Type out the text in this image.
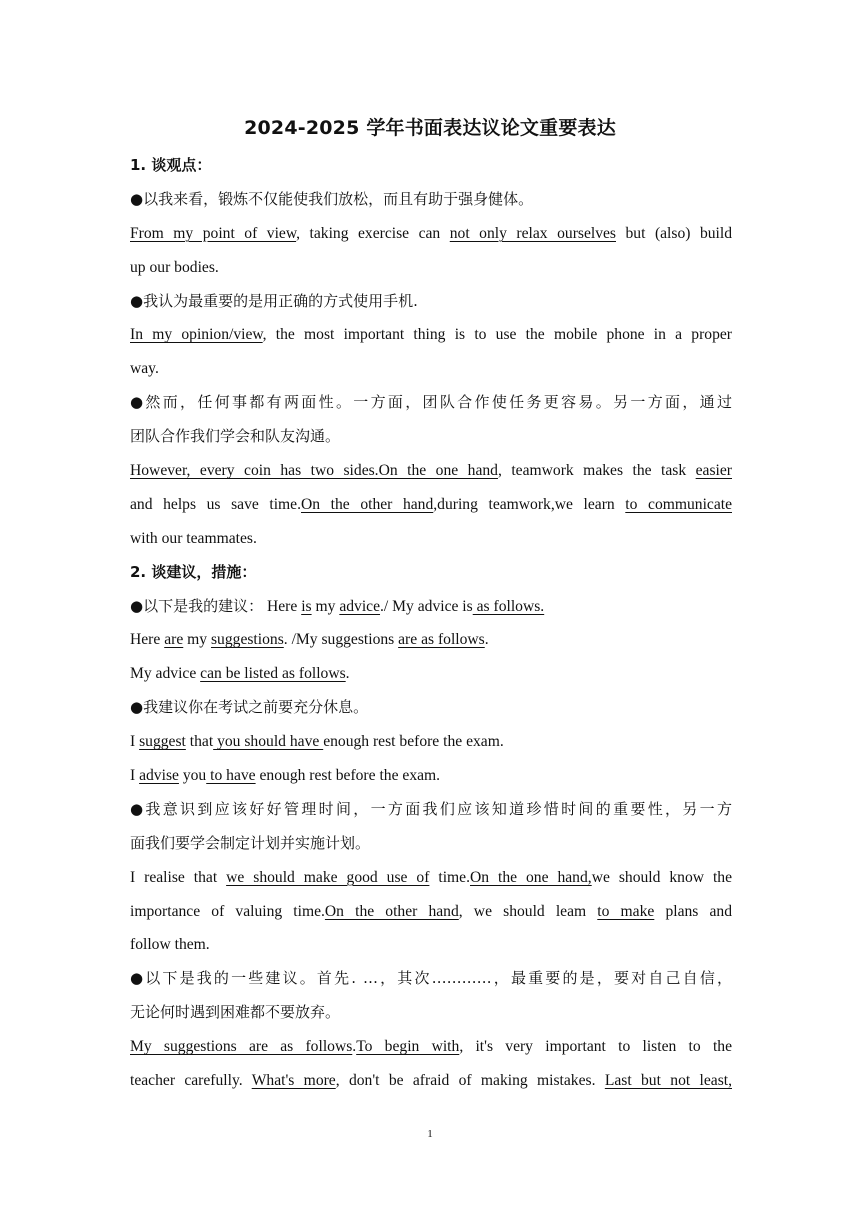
2024-2025 学年书面表达议论文重要表达
1. 谈观点：
●以我来看，锻炼不仅能使我们放松，而且有助于强身健体。
From my point of view, taking exercise can not only relax ourselves but (also) build
up our bodies.
●我认为最重要的是用正确的方式使用手机.
In my opinion/view, the most important thing is to use the mobile phone in a proper
way.
●然而，任何事都有两面性。一方面，团队合作使任务更容易。另一方面，通过
团队合作我们学会和队友沟通。
However, every coin has two sides.On the one hand, teamwork makes the task easier
and helps us save time.On the other hand,during teamwork,we learn to communicate
with our teammates.
2. 谈建议，措施：
●以下是我的建议： Here is my advice./ My advice is as follows.
Here are my suggestions. /My suggestions are as follows.
My advice can be listed as follows.
●我建议你在考试之前要充分休息。
I suggest that you should have enough rest before the exam.
I advise you to have enough rest before the exam.
●我意识到应该好好管理时间，一方面我们应该知道珍惜时间的重要性，另一方
面我们要学会制定计划并实施计划。
I realise that we should make good use of time.On the one hand,we should know the
importance of valuing time.On the other hand, we should leam to make plans and
follow them.
●以下是我的一些建议。首先. …，其次…………，最重要的是，要对自己自信，
无论何时遇到困难都不要放弃。
My suggestions are as follows.To begin with, it's very important to listen to the
teacher carefully. What's more, don't be afraid of making mistakes. Last but not least,
1
